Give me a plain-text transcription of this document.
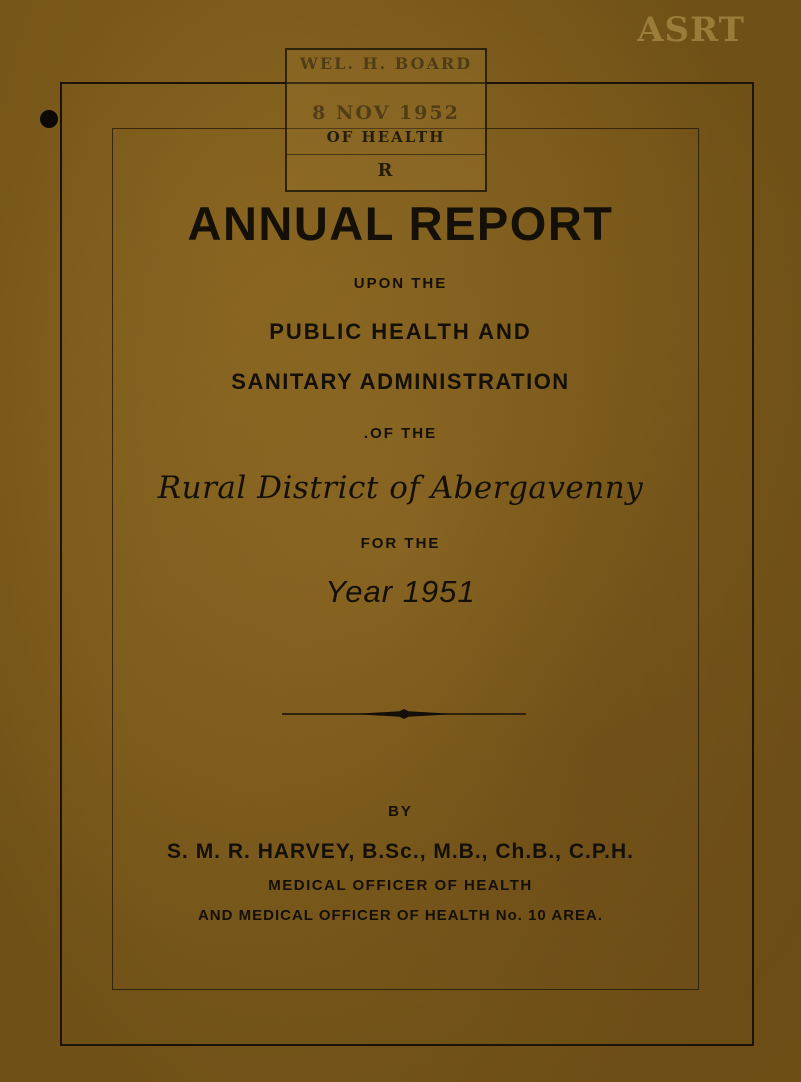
ASRT
WEL. H. BOARD
8 NOV 1952
OF HEALTH
R
ANNUAL REPORT
UPON THE
PUBLIC HEALTH AND
SANITARY ADMINISTRATION
.OF THE
Rural District of Abergavenny
FOR THE
Year 1951
BY
S. M. R. HARVEY, B.Sc., M.B., Ch.B., C.P.H.
MEDICAL OFFICER OF HEALTH
AND MEDICAL OFFICER OF HEALTH No. 10 AREA.
